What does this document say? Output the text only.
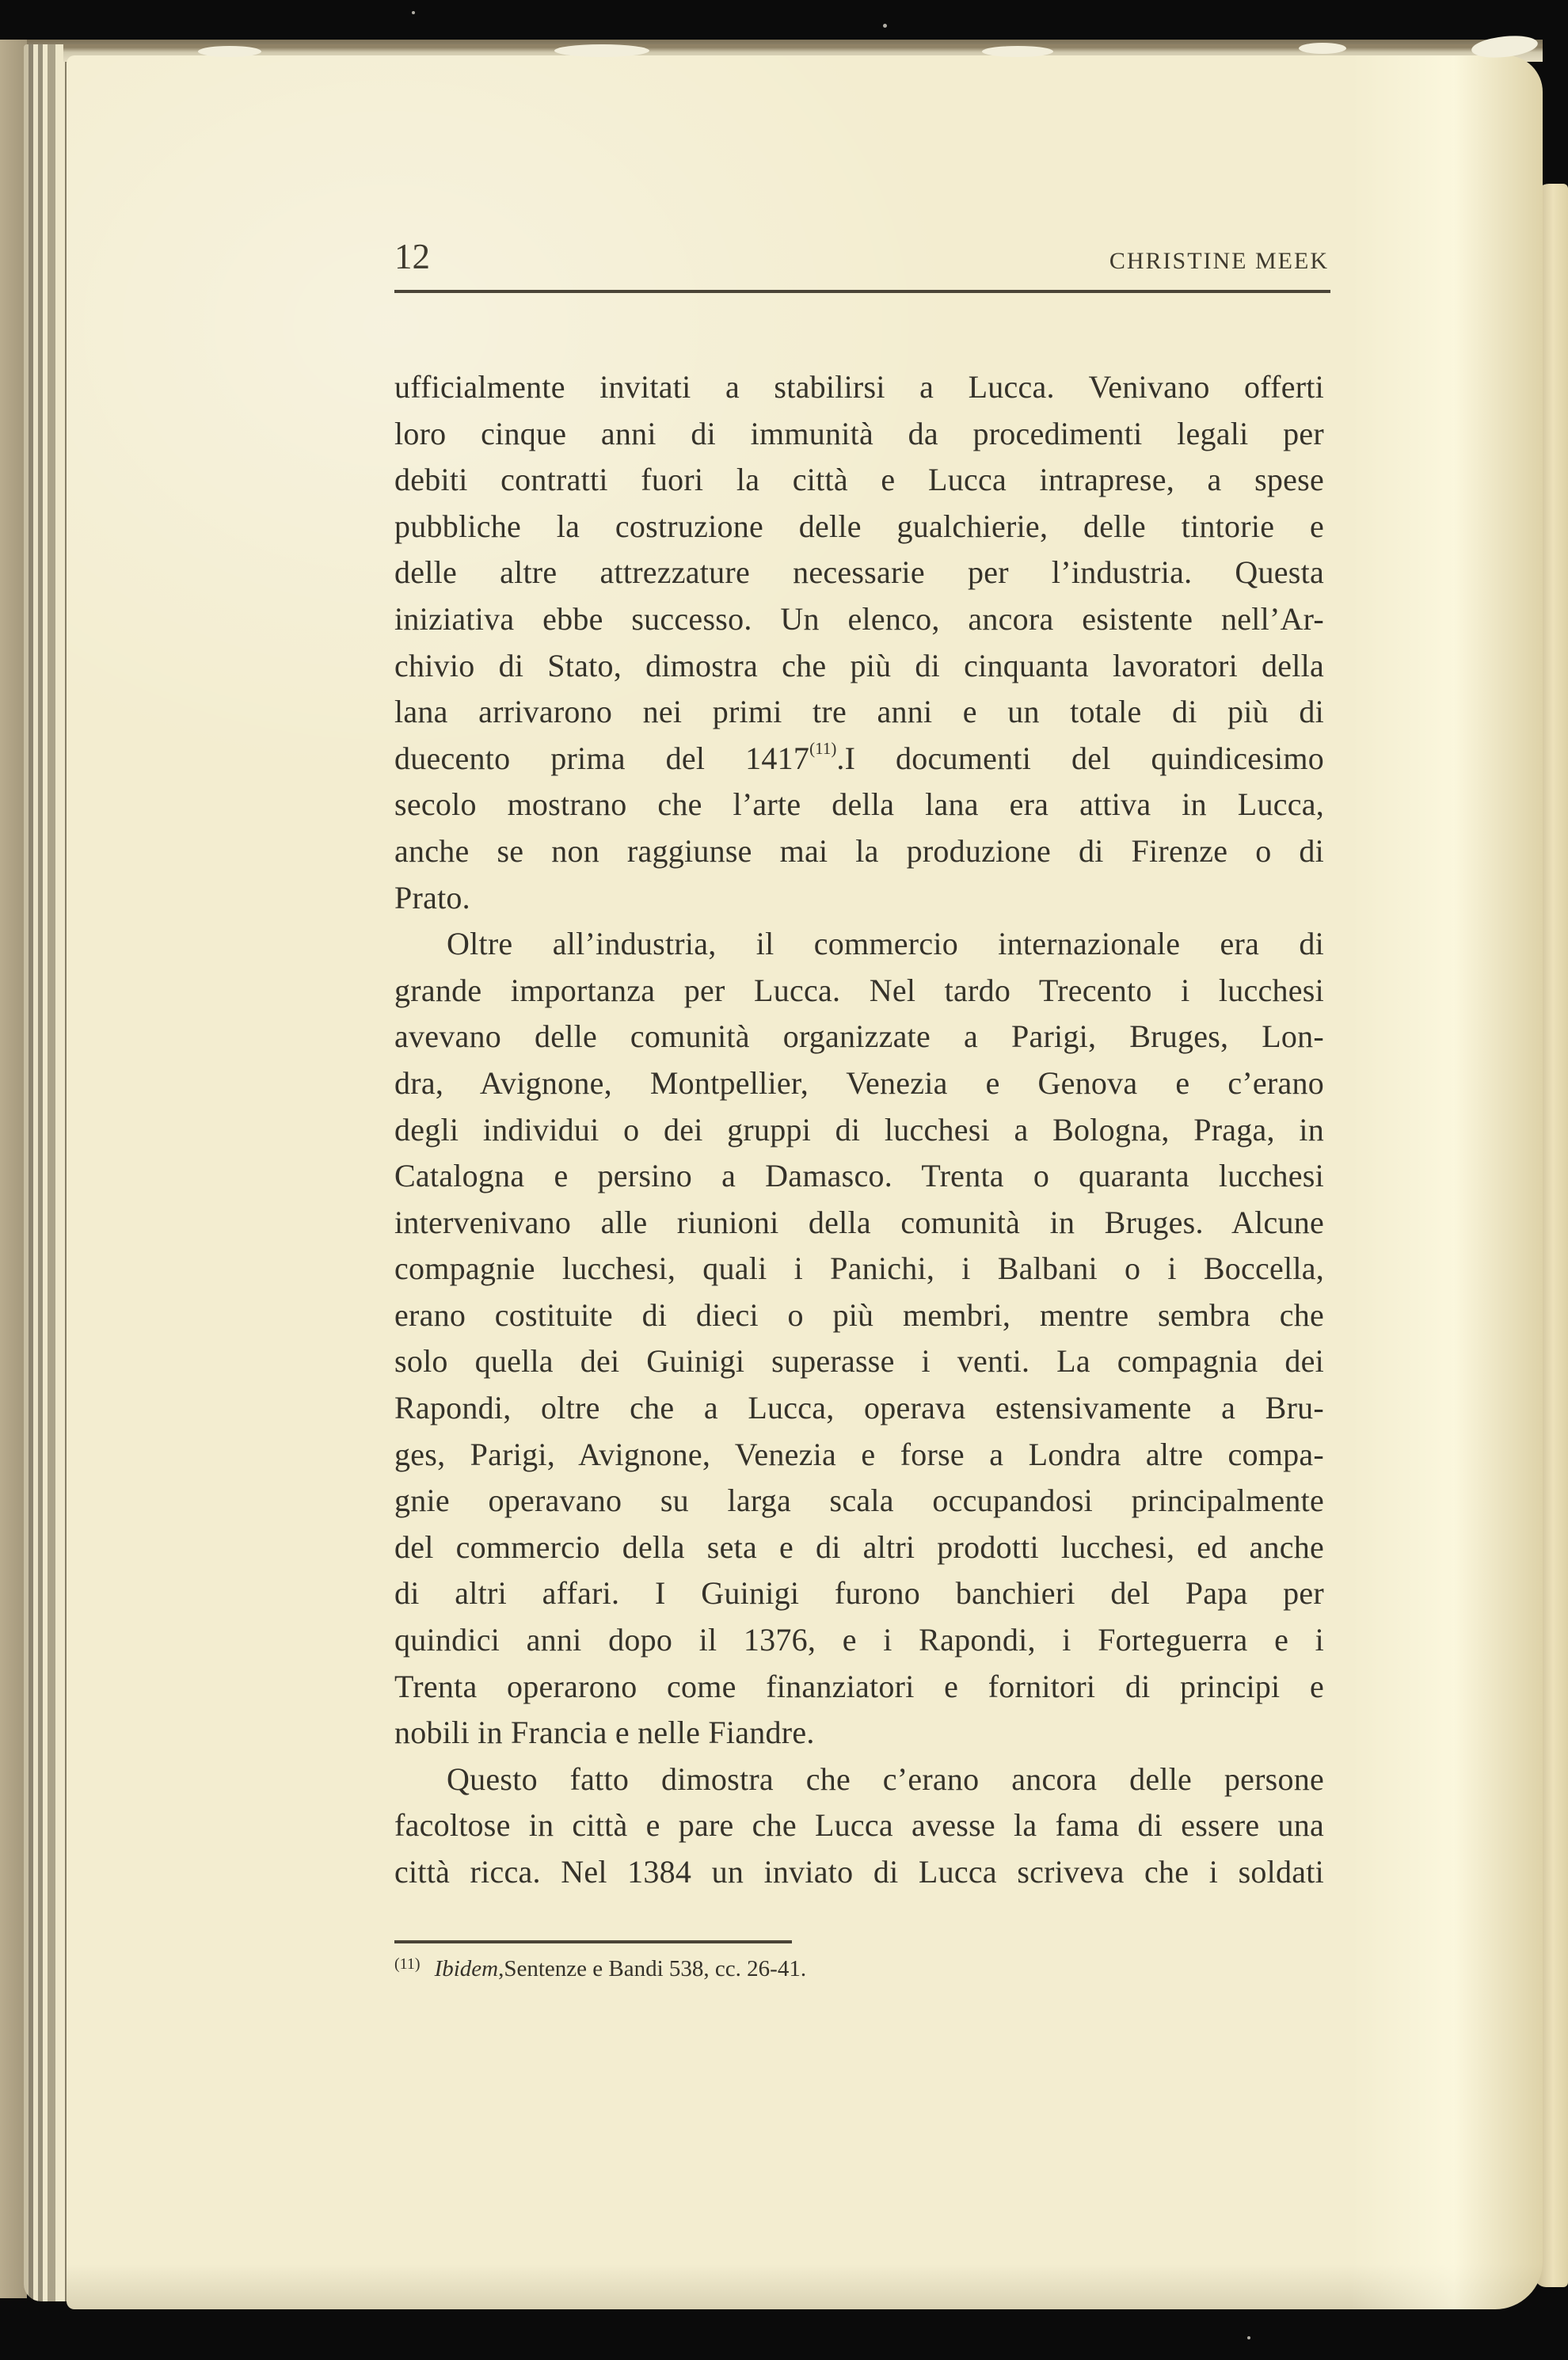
12	CHRISTINE MEEK
ufficialmente invitati a stabilirsi a Lucca. Venivano offerti
loro cinque anni di immunità da procedimenti legali per
debiti contratti fuori la città e Lucca intraprese, a spese
pubbliche la costruzione delle gualchierie, delle tintorie e
delle altre attrezzature necessarie per l’industria. Questa
iniziativa ebbe successo. Un elenco, ancora esistente nell’Ar-
chivio di Stato, dimostra che più di cinquanta lavoratori della
lana arrivarono nei primi tre anni e un totale di più di
duecento prima del 1417$^{(11)}$.I documenti del quindicesimo
secolo mostrano che l’arte della lana era attiva in Lucca,
anche se non raggiunse mai la produzione di Firenze o di
Prato.
Oltre all’industria, il commercio internazionale era di
grande importanza per Lucca. Nel tardo Trecento i lucchesi
avevano delle comunità organizzate a Parigi, Bruges, Lon-
dra, Avignone, Montpellier, Venezia e Genova e c’erano
degli individui o dei gruppi di lucchesi a Bologna, Praga, in
Catalogna e persino a Damasco. Trenta o quaranta lucchesi
intervenivano alle riunioni della comunità in Bruges. Alcune
compagnie lucchesi, quali i Panichi, i Balbani o i Boccella,
erano costituite di dieci o più membri, mentre sembra che
solo quella dei Guinigi superasse i venti. La compagnia dei
Rapondi, oltre che a Lucca, operava estensivamente a Bru-
ges, Parigi, Avignone, Venezia e forse a Londra altre compa-
gnie operavano su larga scala occupandosi principalmente
del commercio della seta e di altri prodotti lucchesi, ed anche
di altri affari. I Guinigi furono banchieri del Papa per
quindici anni dopo il 1376, e i Rapondi, i Forteguerra e i
Trenta operarono come finanziatori e fornitori di principi e
nobili in Francia e nelle Fiandre.
Questo fatto dimostra che c’erano ancora delle persone
facoltose in città e pare che Lucca avesse la fama di essere una
città ricca. Nel 1384 un inviato di Lucca scriveva che i soldati
$^{(11)}$ Ibidem,Sentenze e Bandi 538, cc. 26-41.
